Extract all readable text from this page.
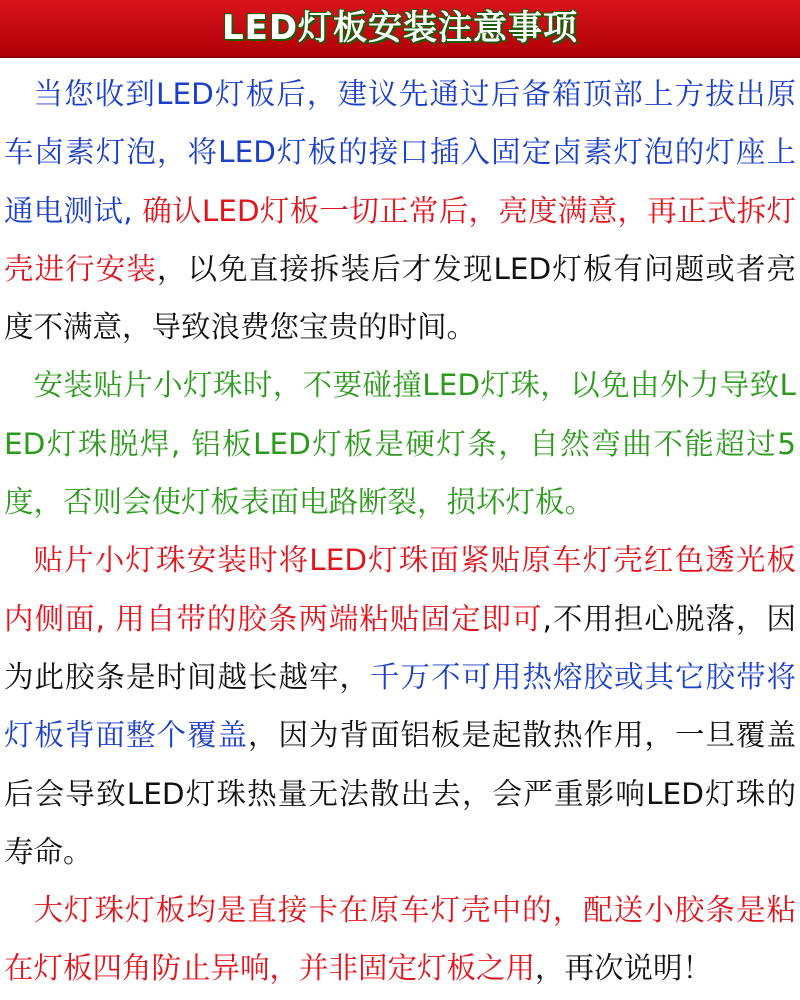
LED灯板安装注意事项

当您收到LED灯板后，建议先通过后备箱顶部上方拔出原车卤素灯泡，将LED灯板的接口插入固定卤素灯泡的灯座上通电测试, 确认LED灯板一切正常后，亮度满意，再正式拆灯壳进行安装，以免直接拆装后才发现LED灯板有问题或者亮度不满意，导致浪费您宝贵的时间。

安装贴片小灯珠时，不要碰撞LED灯珠，以免由外力导致LED灯珠脱焊, 铝板LED灯板是硬灯条，自然弯曲不能超过5度，否则会使灯板表面电路断裂，损坏灯板。

贴片小灯珠安装时将LED灯珠面紧贴原车灯壳红色透光板内侧面, 用自带的胶条两端粘贴固定即可,不用担心脱落，因为此胶条是时间越长越牢，千万不可用热熔胶或其它胶带将灯板背面整个覆盖，因为背面铝板是起散热作用，一旦覆盖后会导致LED灯珠热量无法散出去，会严重影响LED灯珠的寿命。

大灯珠灯板均是直接卡在原车灯壳中的，配送小胶条是粘在灯板四角防止异响，并非固定灯板之用，再次说明！
